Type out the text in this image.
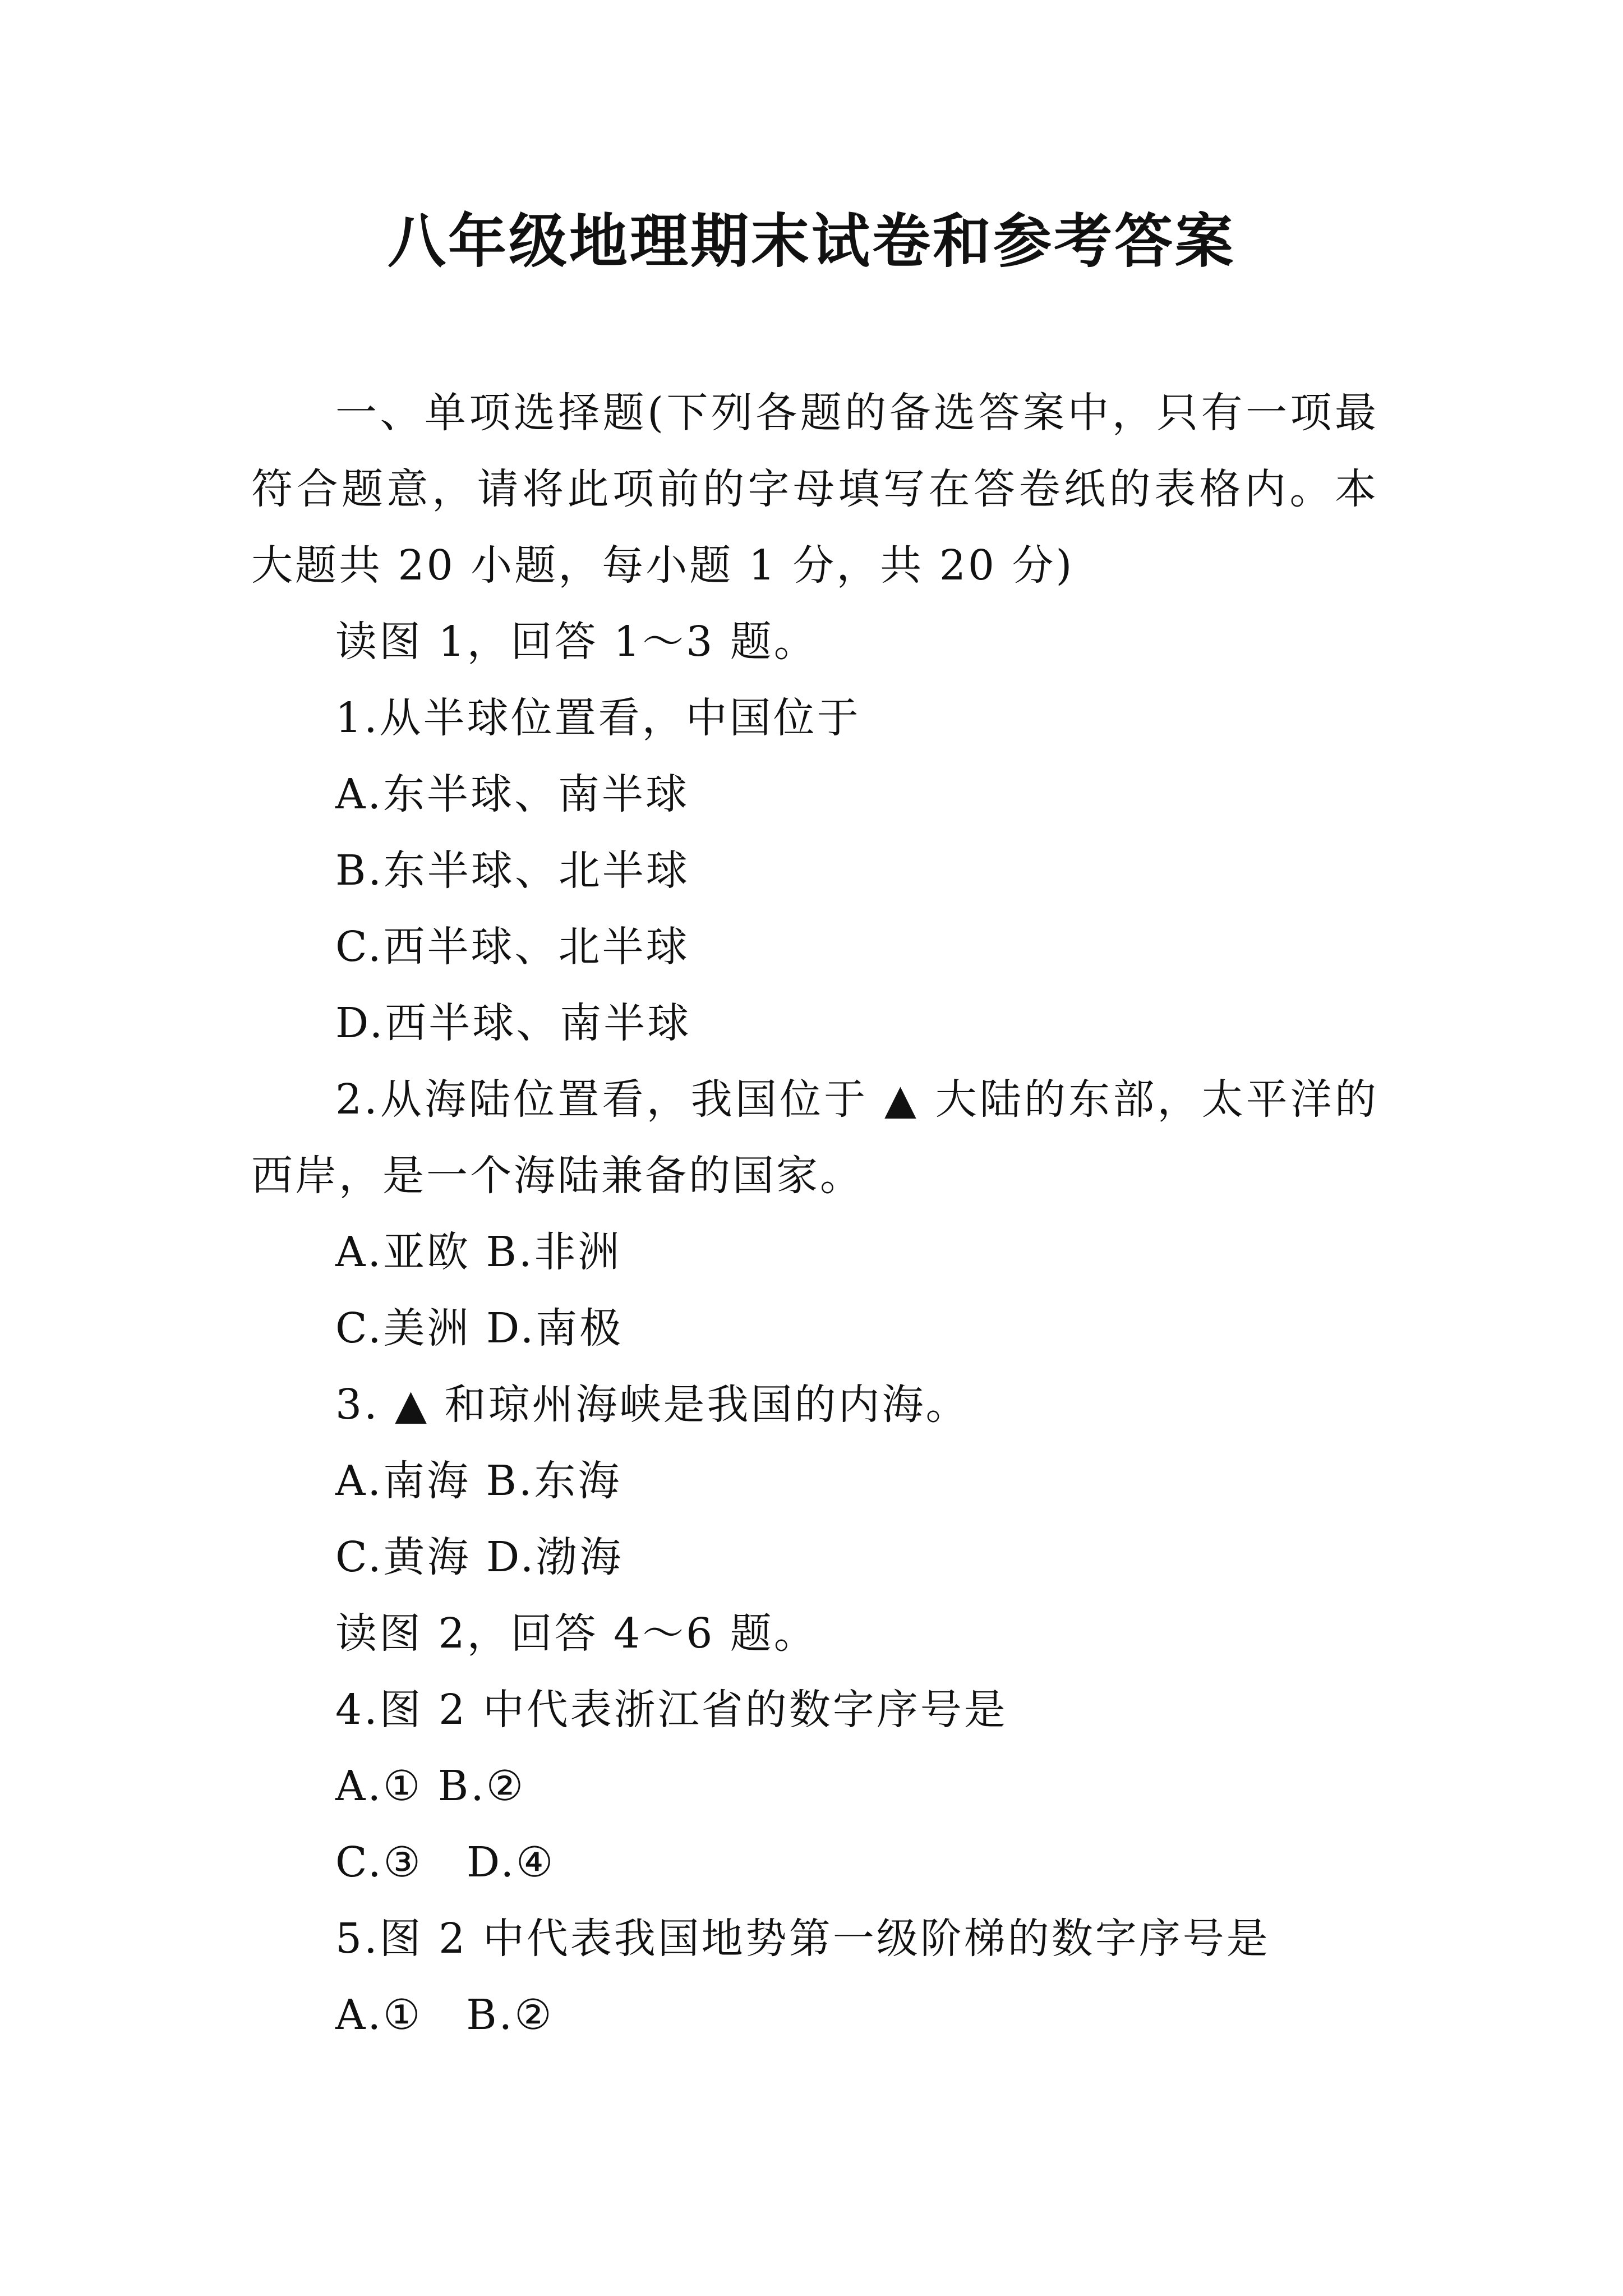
八年级地理期末试卷和参考答案

一、单项选择题(下列各题的备选答案中，只有一项最符合题意，请将此项前的字母填写在答卷纸的表格内。本大题共 20 小题，每小题 1 分，共 20 分)

读图 1，回答 1～3 题。

1.从半球位置看，中国位于

A.东半球、南半球

B.东半球、北半球

C.西半球、北半球

D.西半球、南半球

2.从海陆位置看，我国位于 ▲ 大陆的东部，太平洋的西岸，是一个海陆兼备的国家。

A.亚欧 B.非洲

C.美洲 D.南极

3. ▲ 和琼州海峡是我国的内海。

A.南海 B.东海

C.黄海 D.渤海

读图 2，回答 4～6 题。

4.图 2 中代表浙江省的数字序号是

A.① B.②

C.③　D.④

5.图 2 中代表我国地势第一级阶梯的数字序号是

A.①　B.②
